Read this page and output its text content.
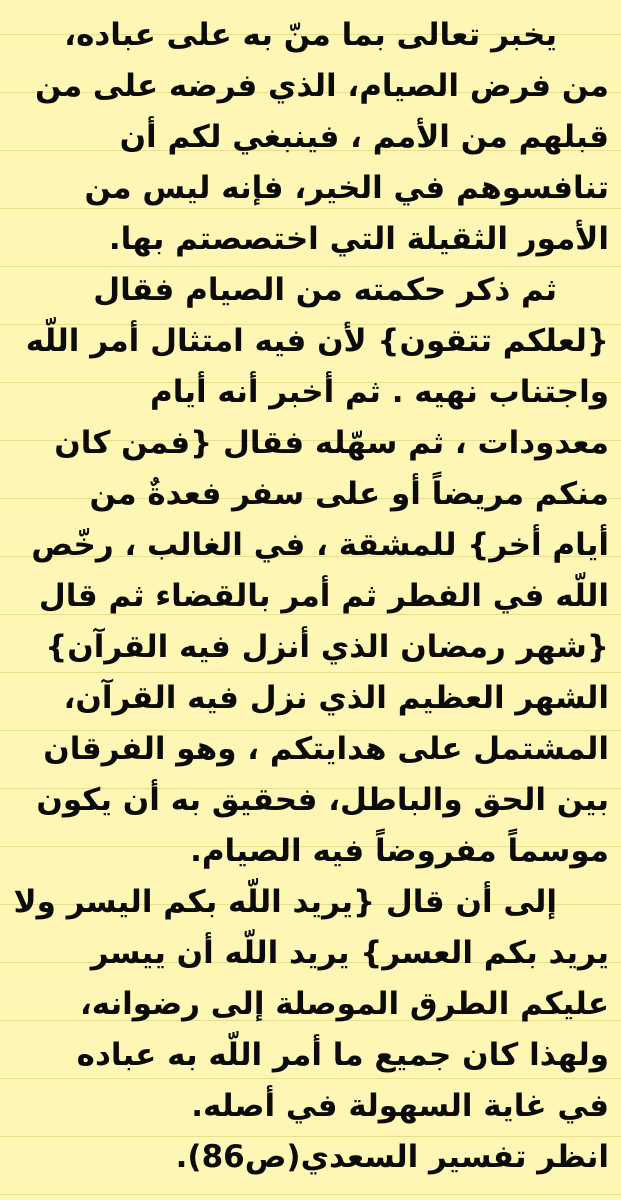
يخبر تعالى بما منّ به على عباده،
من فرض الصيام، الذي فرضه على من
قبلهم من الأمم ، فينبغي لكم أن
تنافسوهم في الخير، فإنه ليس من
الأمور الثقيلة التي اختصصتم بها.

ثم ذكر حكمته من الصيام فقال
{لعلكم تتقون} لأن فيه امتثال أمر اللّه
واجتناب نهيه . ثم أخبر أنه أيام
معدودات ، ثم سهّله فقال {فمن كان
منكم مريضاً أو على سفر فعدةٌ من
أيام أخر} للمشقة ، في الغالب ، رخّص
اللّه في الفطر ثم أمر بالقضاء ثم قال
{شهر رمضان الذي أنزل فيه القرآن}
الشهر العظيم الذي نزل فيه القرآن،
المشتمل على هدايتكم ، وهو الفرقان
بين الحق والباطل، فحقيق به أن يكون
موسماً مفروضاً فيه الصيام.

إلى أن قال {يريد اللّه بكم اليسر ولا
يريد بكم العسر} يريد اللّه أن ييسر
عليكم الطرق الموصلة إلى رضوانه،
ولهذا كان جميع ما أمر اللّه به عباده
في غاية السهولة في أصله.

انظر تفسير السعدي(ص86).
